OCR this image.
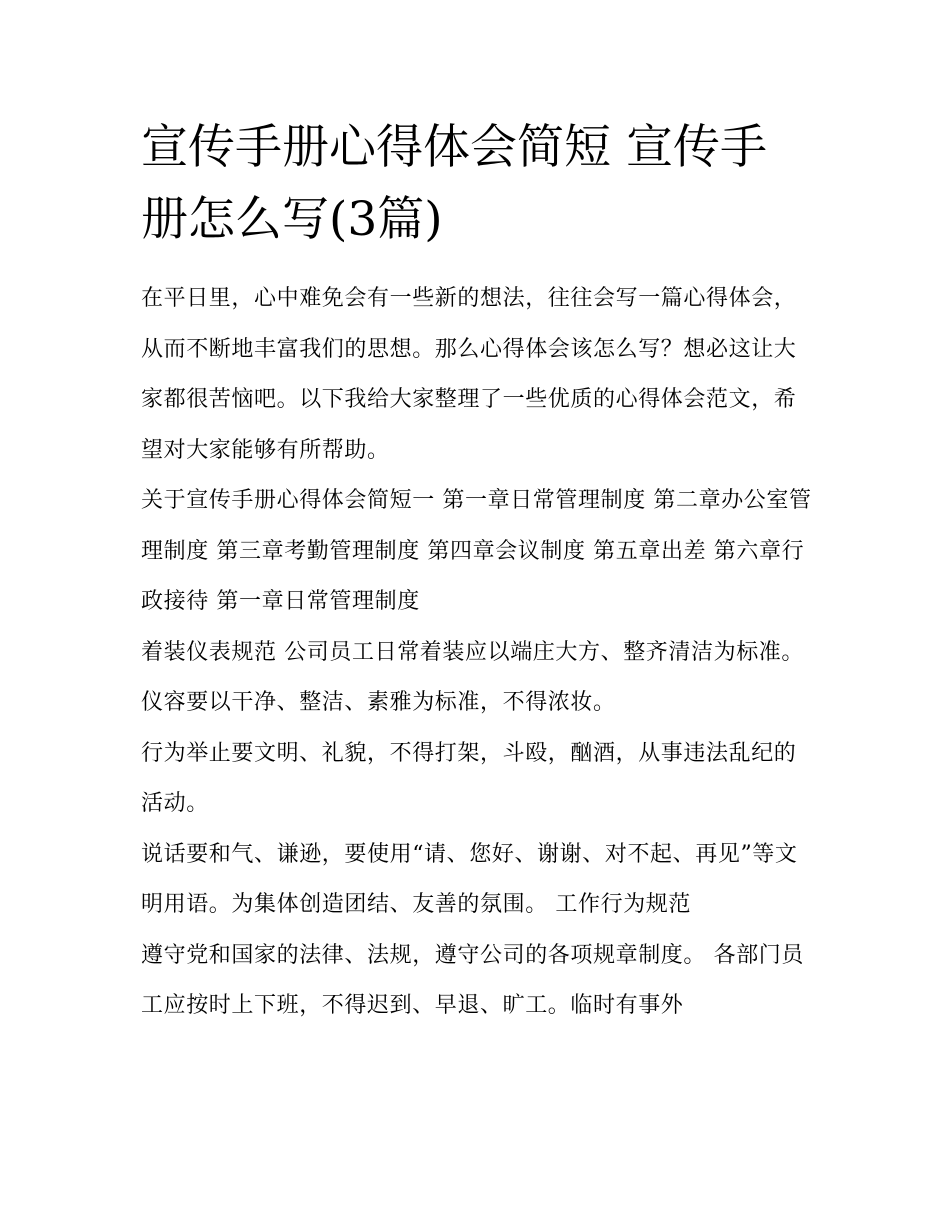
宣传手册心得体会简短 宣传手册怎么写(3篇)

在平日里，心中难免会有一些新的想法，往往会写一篇心得体会，从而不断地丰富我们的思想。那么心得体会该怎么写？想必这让大家都很苦恼吧。以下我给大家整理了一些优质的心得体会范文，希望对大家能够有所帮助。

关于宣传手册心得体会简短一 第一章日常管理制度 第二章办公室管理制度 第三章考勤管理制度 第四章会议制度 第五章出差 第六章行政接待 第一章日常管理制度

着装仪表规范 公司员工日常着装应以端庄大方、整齐清洁为标准。 仪容要以干净、整洁、素雅为标准，不得浓妆。

行为举止要文明、礼貌，不得打架，斗殴，酗酒，从事违法乱纪的活动。

说话要和气、谦逊，要使用“请、您好、谢谢、对不起、再见”等文明用语。为集体创造团结、友善的氛围。 工作行为规范

遵守党和国家的法律、法规，遵守公司的各项规章制度。 各部门员工应按时上下班，不得迟到、早退、旷工。临时有事外
